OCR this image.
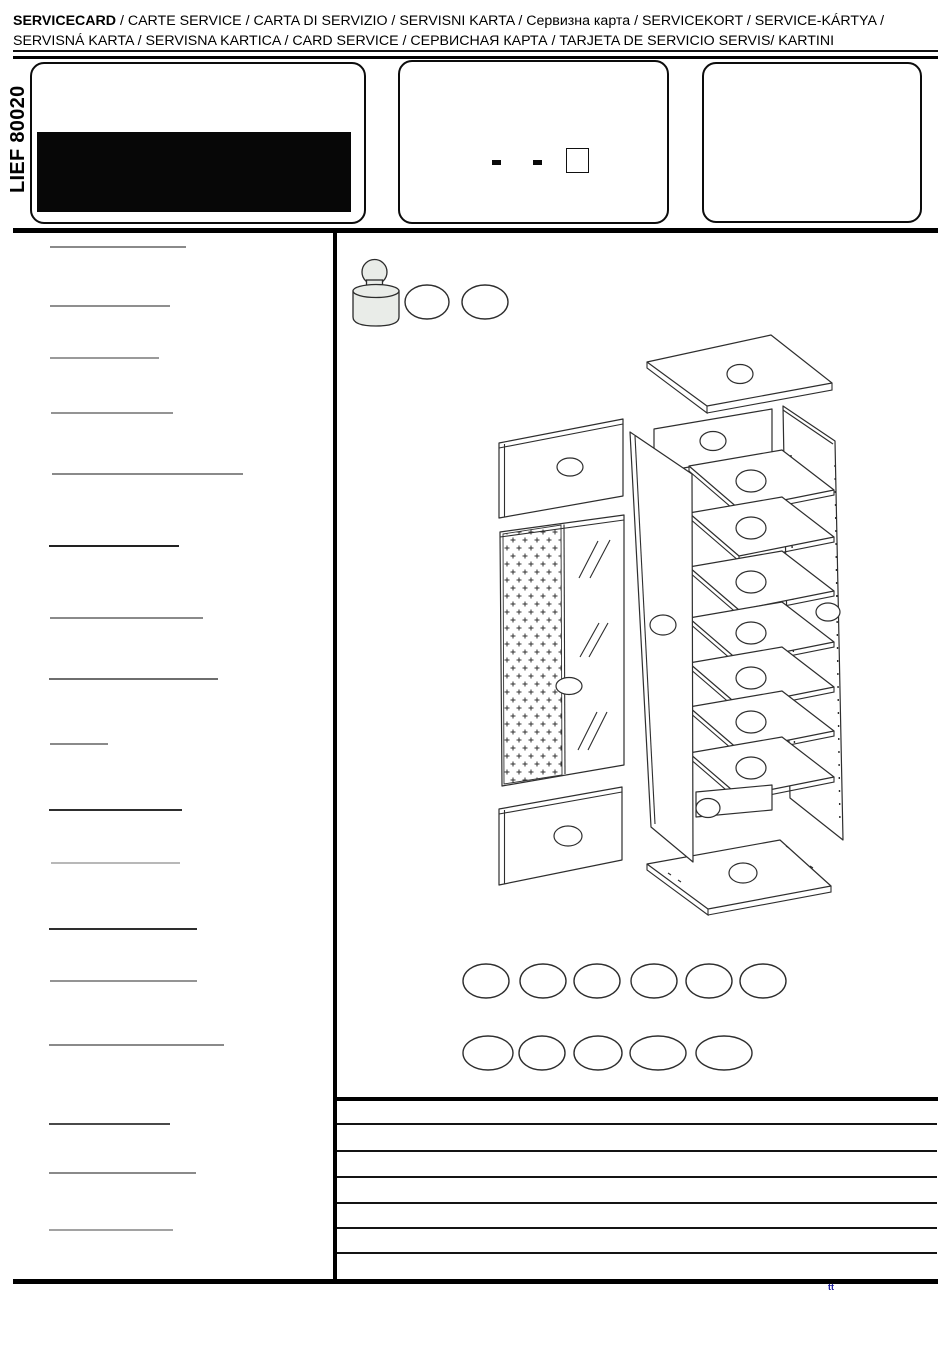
SERVICECARD / CARTE SERVICE / CARTA DI SERVIZIO / SERVISNI KARTA / Сервизна карта / SERVICEKORT / SERVICE-KÁRTYA /
SERVISNÁ KARTA / SERVISNA KARTICA / CARD SERVICE / СЕРВИСНАЯ КАРТА / TARJETA DE SERVICIO SERVIS/ KARTINI
LIEF 80020
tt
